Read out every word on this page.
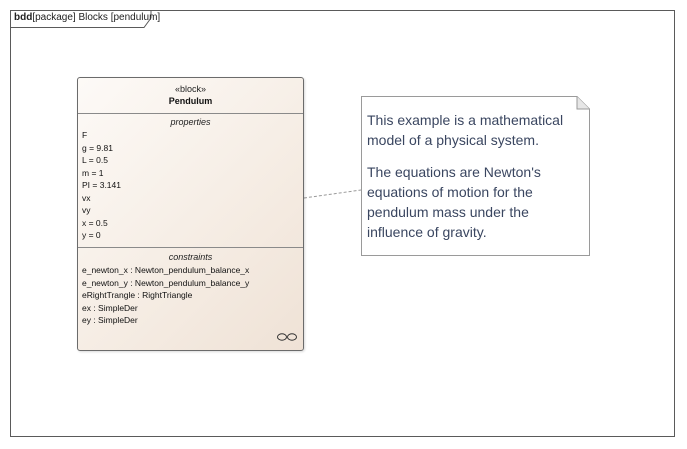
bdd[package] Blocks [pendulum]
«block»
Pendulum
properties
F
g = 9.81
L = 0.5
m = 1
PI = 3.141
vx
vy
x = 0.5
y = 0
constraints
e_newton_x : Newton_pendulum_balance_x
e_newton_y : Newton_pendulum_balance_y
eRightTrangle : RightTriangle
ex : SimpleDer
ey : SimpleDer

This example is a mathematical model of a physical system.

The equations are Newton's equations of motion for the pendulum mass under the influence of gravity.
